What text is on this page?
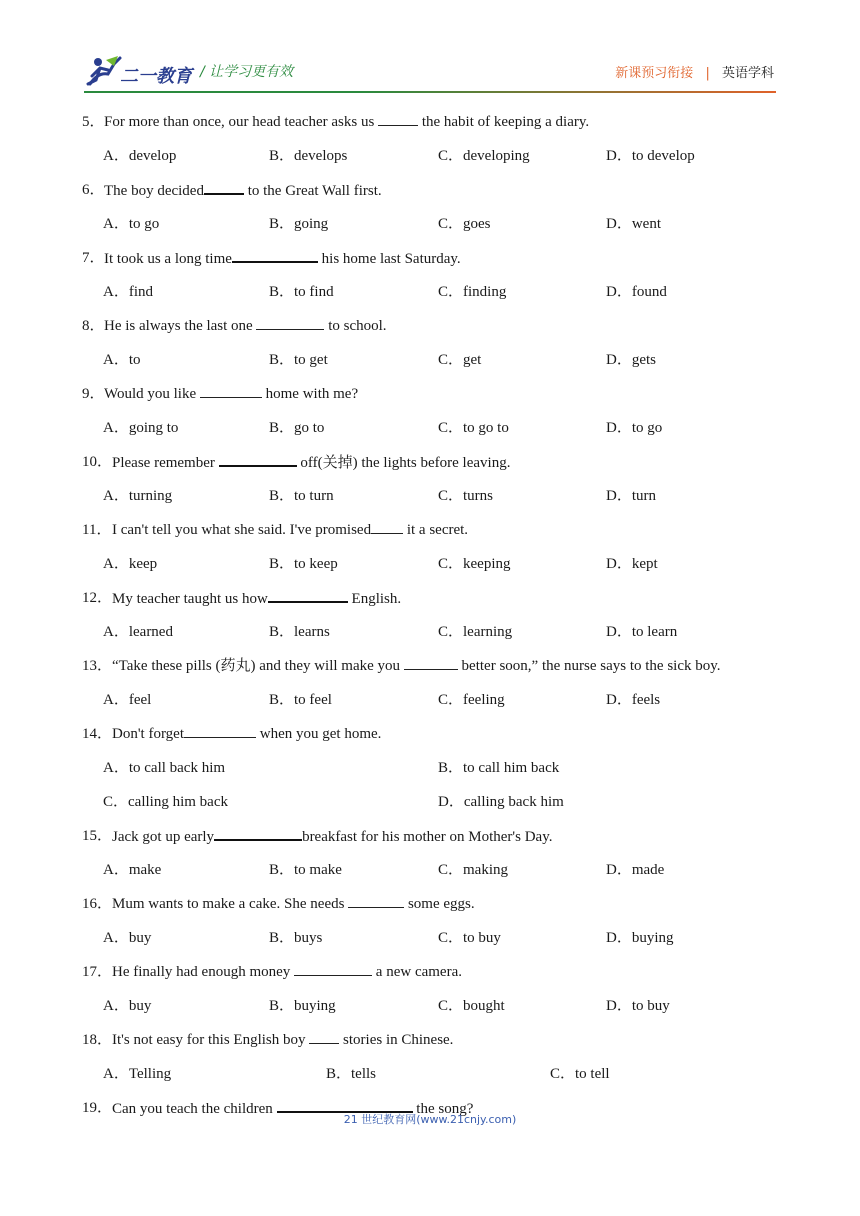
二一教育 / 让学习更有效	新课预习衔接 | 英语学科
5． For more than once, our head teacher asks us	the habit of keeping a diary.
A．develop	B．develops	C．developing	D．to develop
6． The boy decided	to the Great Wall first.
A．to go	B．going	C．goes	D．went
7． It took us a long time	his home last Saturday.
A．find	B．to find	C．finding	D．found
8． He is always the last one	to school.
A．to	B．to get	C．get	D．gets
9． Would you like	home with me?
A．going to	B．go to	C．to go to	D．to go
10． Please remember	off(关掉) the lights before leaving.
A．turning	B．to turn	C．turns	D．turn
11． I can't tell you what she said. I've promised it a secret.
A．keep	B．to keep	C．keeping	D．kept
12． My teacher taught us how	English.
A．learned	B．learns	C．learning	D．to learn
13． “Take these pills (药丸) and they will make you	better soon,” the nurse says to the sick boy.
A．feel	B．to feel	C．feeling	D．feels
14． Don't forget	when you get home.
A．to call back him	B．to call him back
C．calling him back	D．calling back him
15． Jack got up early	breakfast for his mother on Mother's Day.
A．make	B．to make	C．making	D．made
16． Mum wants to make a cake. She needs	some eggs.
A．buy	B．buys	C．to buy	D．buying
17． He finally had enough money	a new camera.
A．buy	B．buying	C．bought	D．to buy
18． It's not easy for this English boy  stories in Chinese.
A．Telling	B．tells	C．to tell
19． Can you teach the children	the song?
21 世纪教育网(www.21cnjy.com)
